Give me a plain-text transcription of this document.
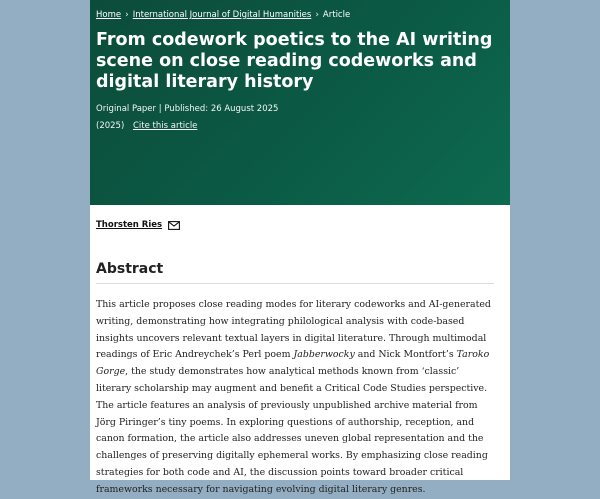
Home › International Journal of Digital Humanities › Article
From codework poetics to the AI writing scene on close reading codeworks and digital literary history
Original Paper | Published: 26 August 2025
(2025) Cite this article
Thorsten Ries
Abstract

This article proposes close reading modes for literary codeworks and AI-generated writing, demonstrating how integrating philological analysis with code-based insights uncovers relevant textual layers in digital literature. Through multimodal readings of Eric Andreychek’s Perl poem Jabberwocky and Nick Montfort’s Taroko Gorge, the study demonstrates how analytical methods known from ‘classic’ literary scholarship may augment and benefit a Critical Code Studies perspective. The article features an analysis of previously unpublished archive material from Jörg Piringer’s tiny poems. In exploring questions of authorship, reception, and canon formation, the article also addresses uneven global representation and the challenges of preserving digitally ephemeral works. By emphasizing close reading strategies for both code and AI, the discussion points toward broader critical frameworks necessary for navigating evolving digital literary genres.
